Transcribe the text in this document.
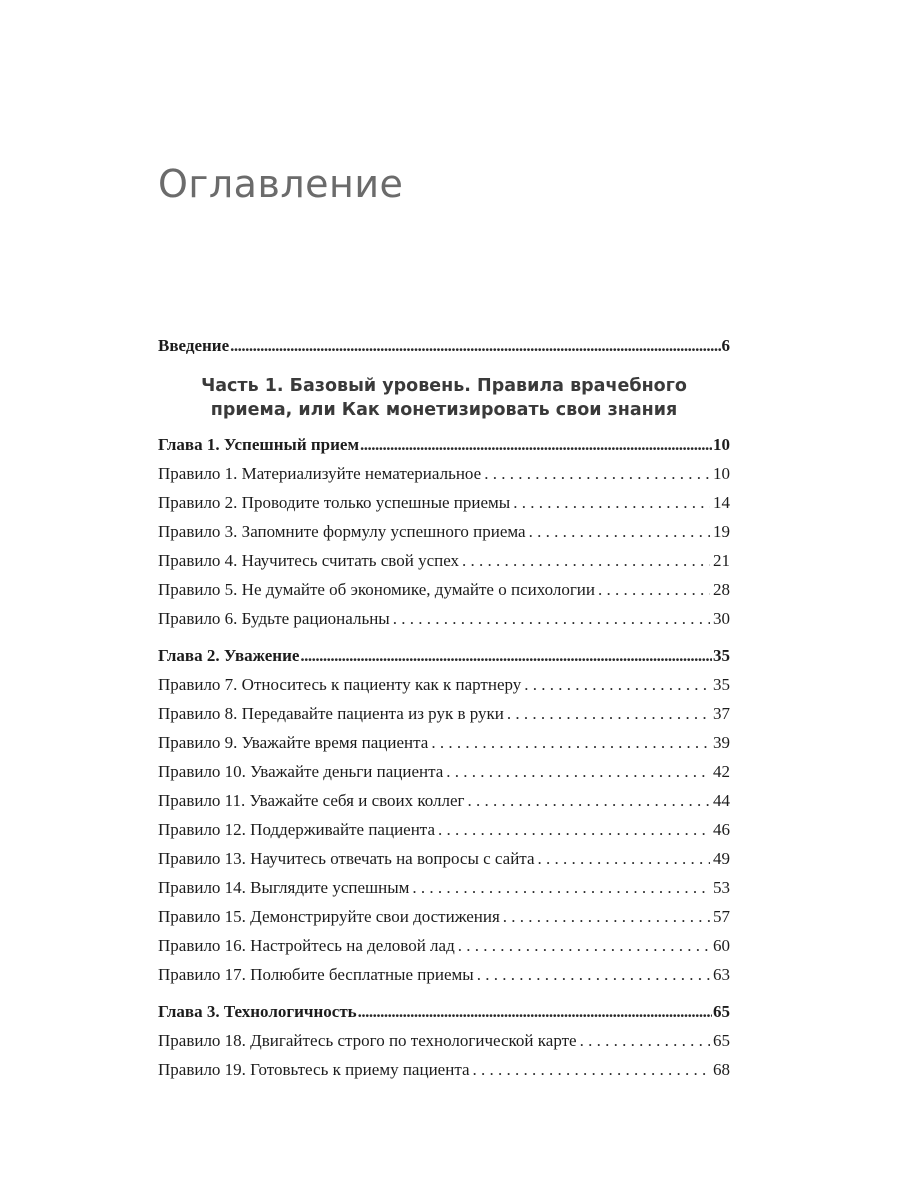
Оглавление
Введение .....	6
Часть 1. Базовый уровень. Правила врачебного
приема, или Как монетизировать свои знания
Глава 1. Успешный прием .....	10
Правило 1. Материализуйте нематериальное . . .	10
Правило 2. Проводите только успешные приемы . . .	14
Правило 3. Запомните формулу успешного приема . . .	19
Правило 4. Научитесь считать свой успех . . .	21
Правило 5. Не думайте об экономике, думайте о психологии . . .	28
Правило 6. Будьте рациональны . . .	30
Глава 2. Уважение .....	35
Правило 7. Относитесь к пациенту как к партнеру . . .	35
Правило 8. Передавайте пациента из рук в руки . . .	37
Правило 9. Уважайте время пациента . . .	39
Правило 10. Уважайте деньги пациента . . .	42
Правило 11. Уважайте себя и своих коллег . . .	44
Правило 12. Поддерживайте пациента . . .	46
Правило 13. Научитесь отвечать на вопросы с сайта . . .	49
Правило 14. Выглядите успешным . . .	53
Правило 15. Демонстрируйте свои достижения . . .	57
Правило 16. Настройтесь на деловой лад . . .	60
Правило 17. Полюбите бесплатные приемы . . .	63
Глава 3. Технологичность .....	65
Правило 18. Двигайтесь строго по технологической карте . . .	65
Правило 19. Готовьтесь к приему пациента . . .	68
